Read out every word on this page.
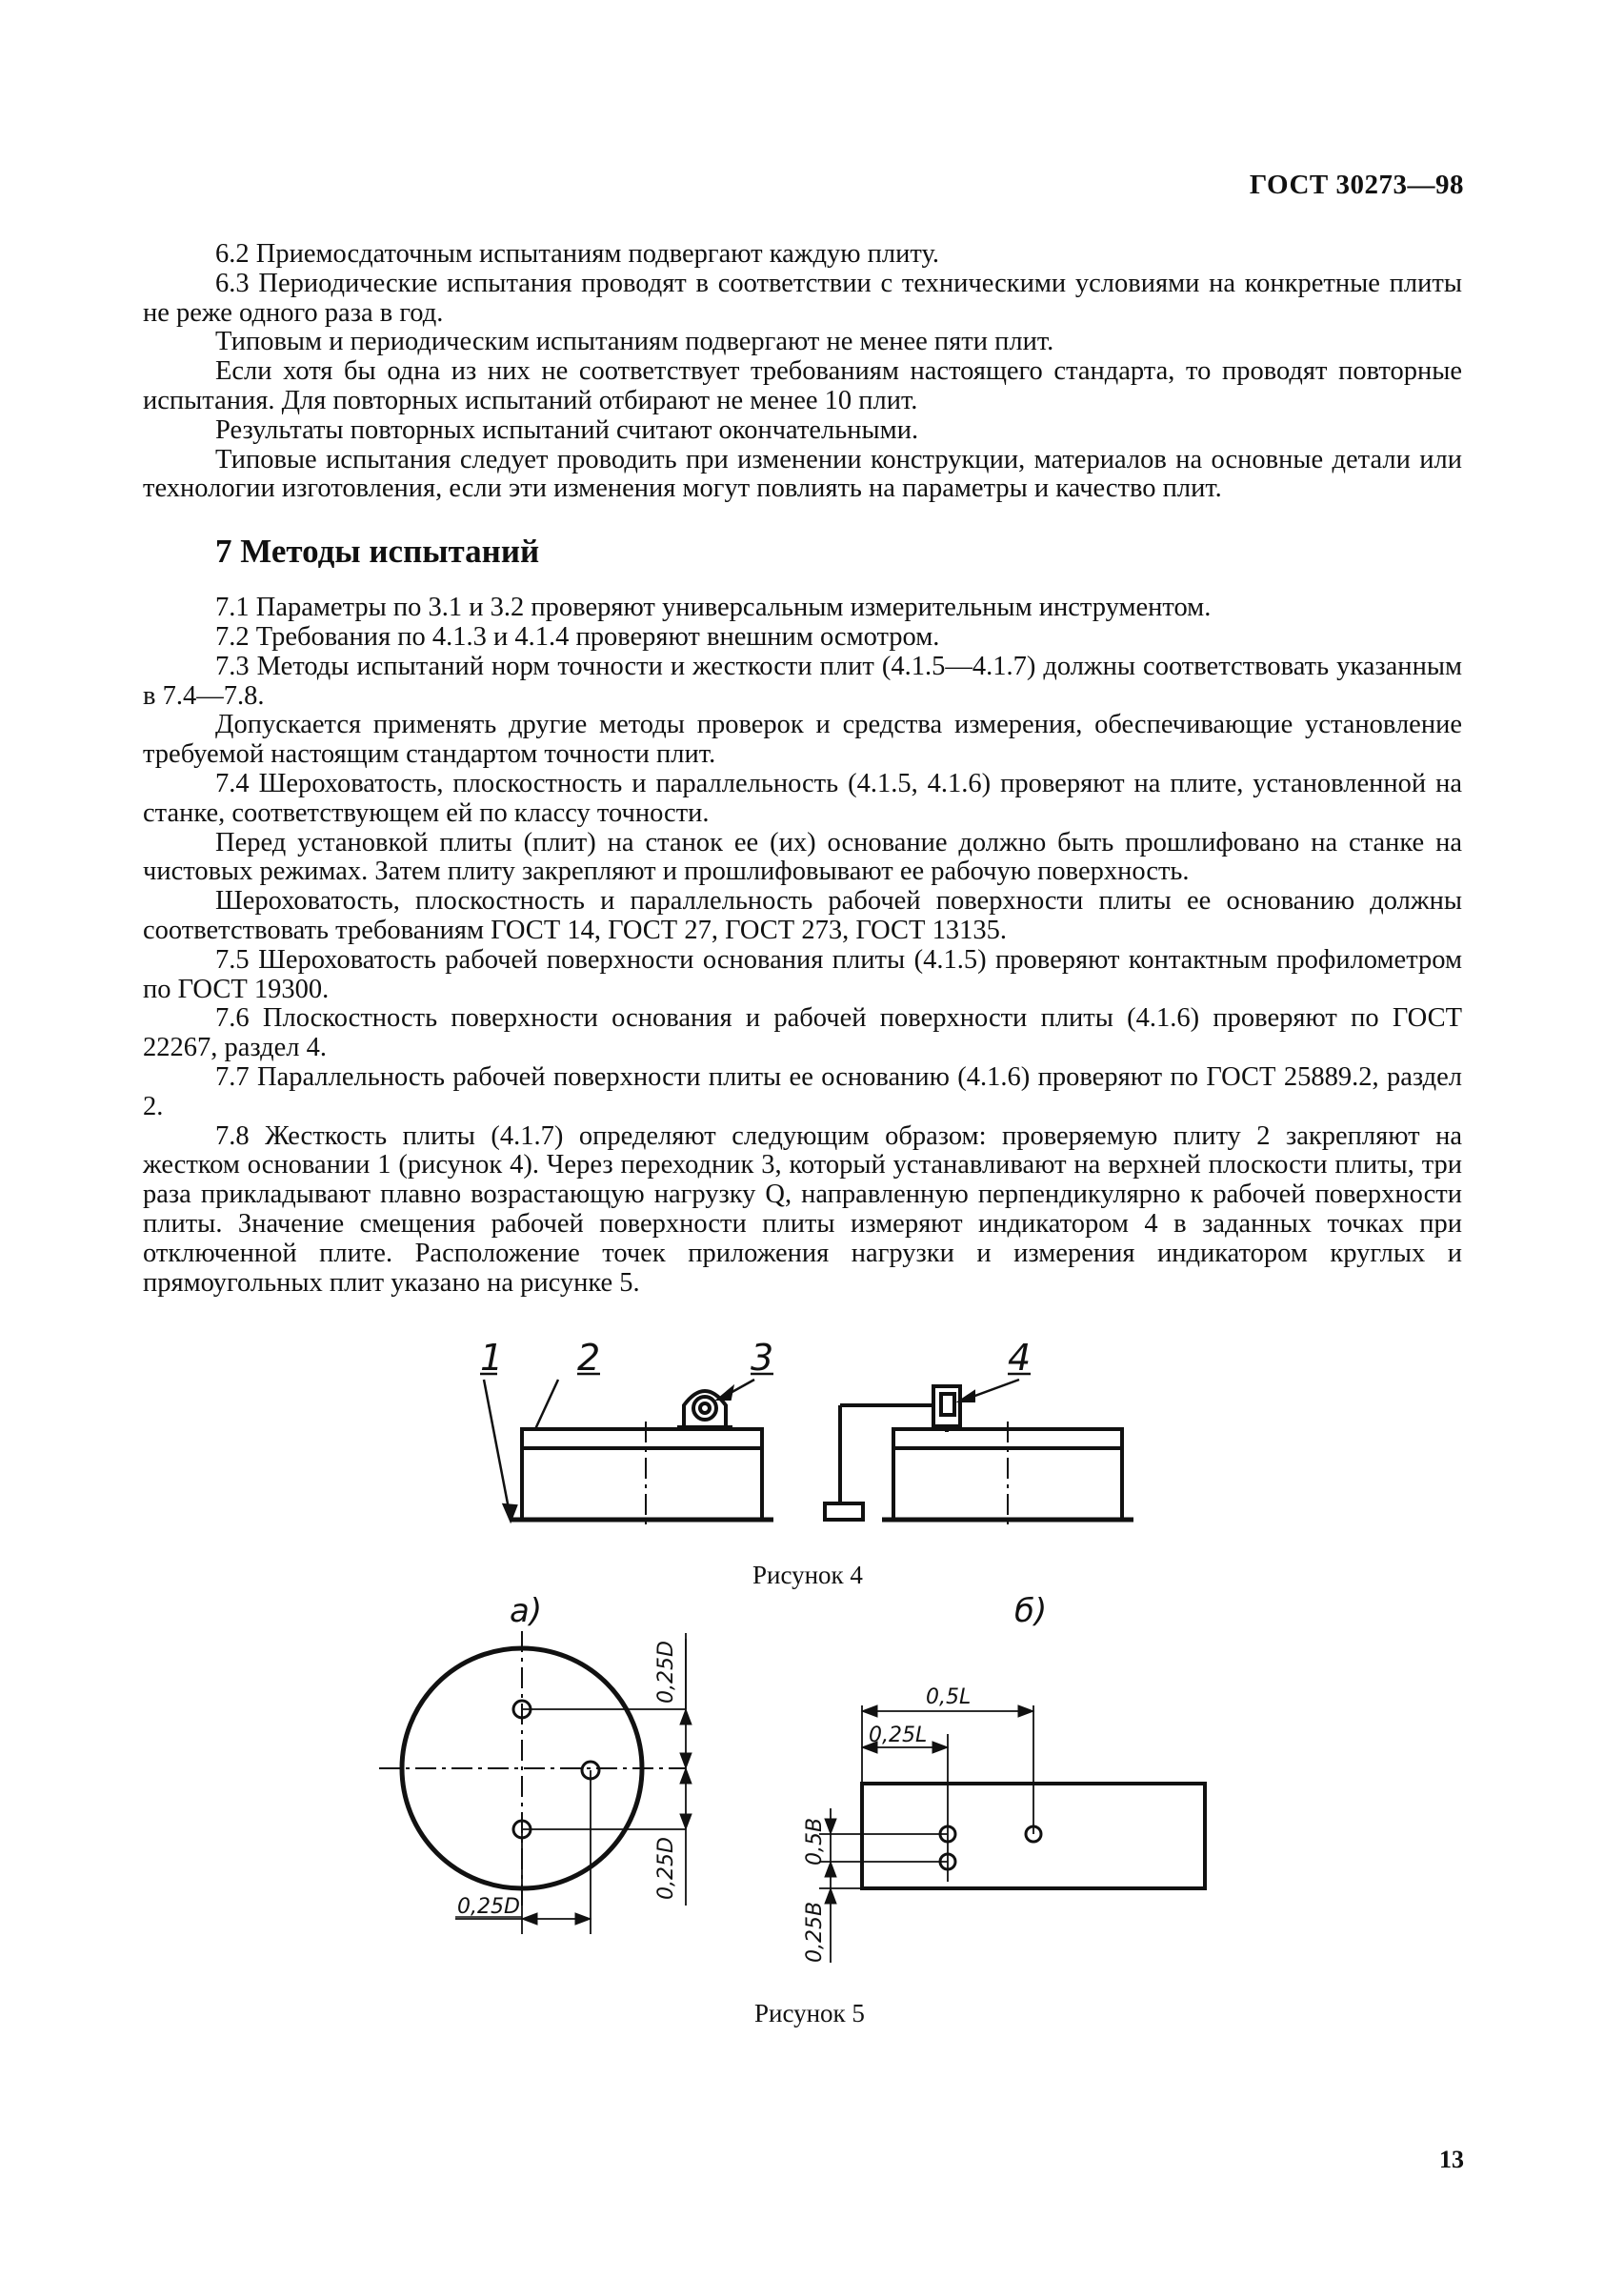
ГОСТ 30273—98

6.2 Приемосдаточным испытаниям подвергают каждую плиту.

6.3 Периодические испытания проводят в соответствии с техническими условиями на конкретные плиты не реже одного раза в год.

Типовым и периодическим испытаниям подвергают не менее пяти плит.

Если хотя бы одна из них не соответствует требованиям настоящего стандарта, то проводят повторные испытания. Для повторных испытаний отбирают не менее 10 плит.

Результаты повторных испытаний считают окончательными.

Типовые испытания следует проводить при изменении конструкции, материалов на основные детали или технологии изготовления, если эти изменения могут повлиять на параметры и качество плит.

7 Методы испытаний

7.1 Параметры по 3.1 и 3.2 проверяют универсальным измерительным инструментом.

7.2 Требования по 4.1.3 и 4.1.4 проверяют внешним осмотром.

7.3 Методы испытаний норм точности и жесткости плит (4.1.5—4.1.7) должны соответствовать указанным в 7.4—7.8.

Допускается применять другие методы проверок и средства измерения, обеспечивающие установление требуемой настоящим стандартом точности плит.

7.4 Шероховатость, плоскостность и параллельность (4.1.5, 4.1.6) проверяют на плите, установленной на станке, соответствующем ей по классу точности.

Перед установкой плиты (плит) на станок ее (их) основание должно быть прошлифовано на станке на чистовых режимах. Затем плиту закрепляют и прошлифовывают ее рабочую поверхность.

Шероховатость, плоскостность и параллельность рабочей поверхности плиты ее основанию должны соответствовать требованиям ГОСТ 14, ГОСТ 27, ГОСТ 273, ГОСТ 13135.

7.5 Шероховатость рабочей поверхности основания плиты (4.1.5) проверяют контактным профилометром по ГОСТ 19300.

7.6 Плоскостность поверхности основания и рабочей поверхности плиты (4.1.6) проверяют по ГОСТ 22267, раздел 4.

7.7 Параллельность рабочей поверхности плиты ее основанию (4.1.6) проверяют по ГОСТ 25889.2, раздел 2.

7.8 Жесткость плиты (4.1.7) определяют следующим образом: проверяемую плиту 2 закрепляют на жестком основании 1 (рисунок 4). Через переходник 3, который устанавливают на верхней плоскости плиты, три раза прикладывают плавно возрастающую нагрузку Q, направленную перпендикулярно к рабочей поверхности плиты. Значение смещения рабочей поверхности плиты измеряют индикатором 4 в заданных точках при отключенной плите. Расположение точек приложения нагрузки и измерения индикатором круглых и прямоугольных плит указано на рисунке 5.

1 2	3	4
а)
0,25D
0,25D
0,25D
б)
0,5L
0,25L
0,5B
0,25B
Рисунок 4
Рисунок 5
13
